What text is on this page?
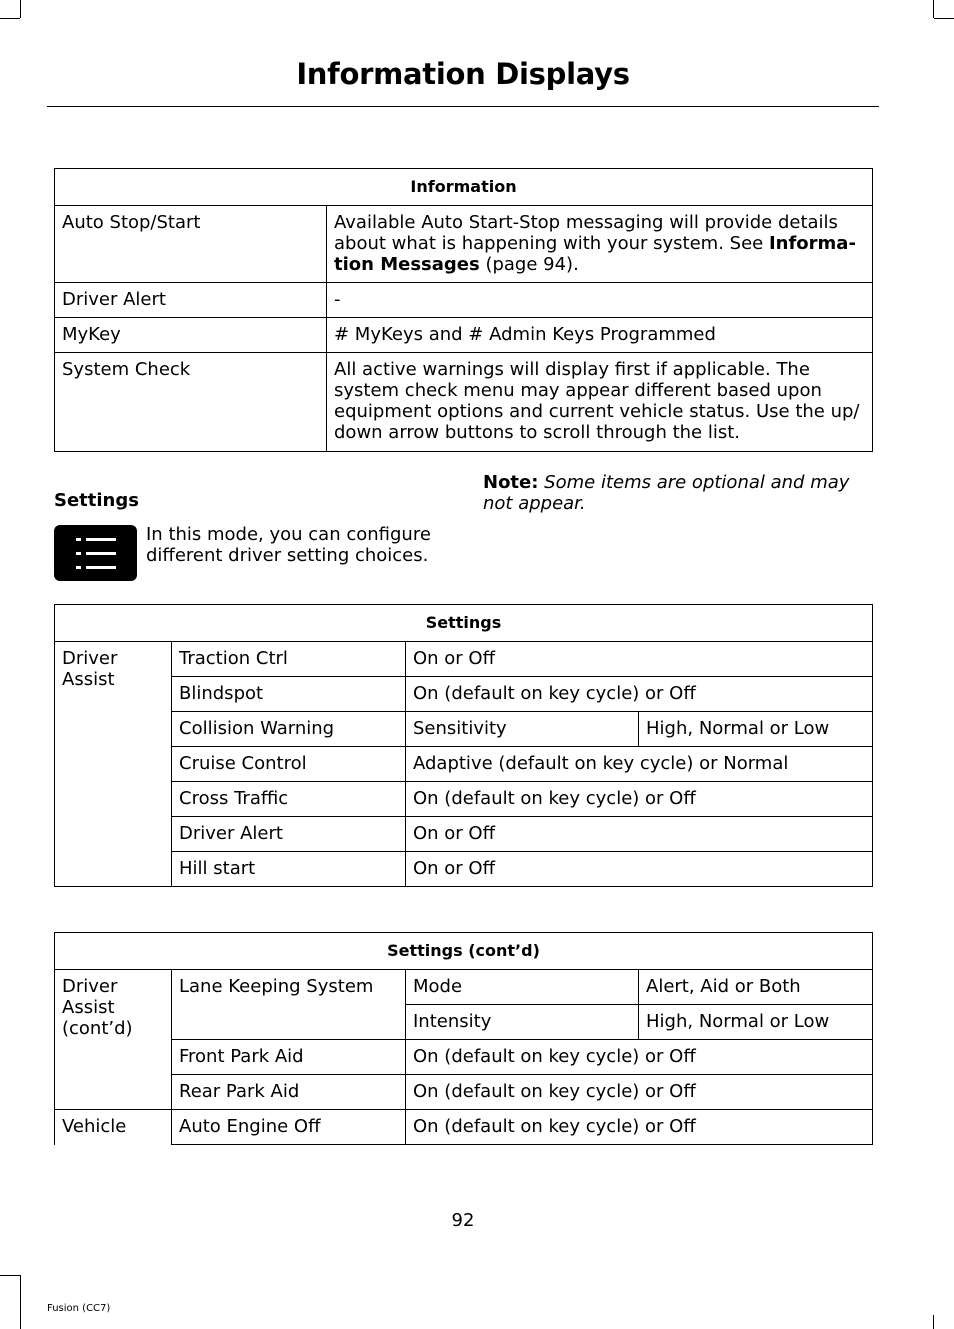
Information Displays
Information	
Auto Stop/Start	Available Auto Start-Stop messaging will provide details about what is happening with your system. See Informa-tion Messages (page 94).
Driver Alert	-
MyKey	# MyKeys and # Admin Keys Programmed
System Check	All active warnings will display first if applicable. The system check menu may appear different based upon equipment options and current vehicle status. Use the up/ down arrow buttons to scroll through the list.
Settings
In this mode, you can configure different driver setting choices.
Note: Some items are optional and may not appear.
Settings			
Driver Assist	Traction Ctrl	On or Off	
	Blindspot	On (default on key cycle) or Off	
	Collision Warning	Sensitivity	High, Normal or Low
	Cruise Control	Adaptive (default on key cycle) or Normal	
	Cross Traffic	On (default on key cycle) or Off	
	Driver Alert	On or Off	
	Hill start	On or Off	
Settings (cont’d)			
Driver Assist (cont’d)	Lane Keeping System	Mode	Alert, Aid or Both
		Intensity	High, Normal or Low
	Front Park Aid	On (default on key cycle) or Off	
	Rear Park Aid	On (default on key cycle) or Off	
Vehicle	Auto Engine Off	On (default on key cycle) or Off	
92
Fusion (CC7)
